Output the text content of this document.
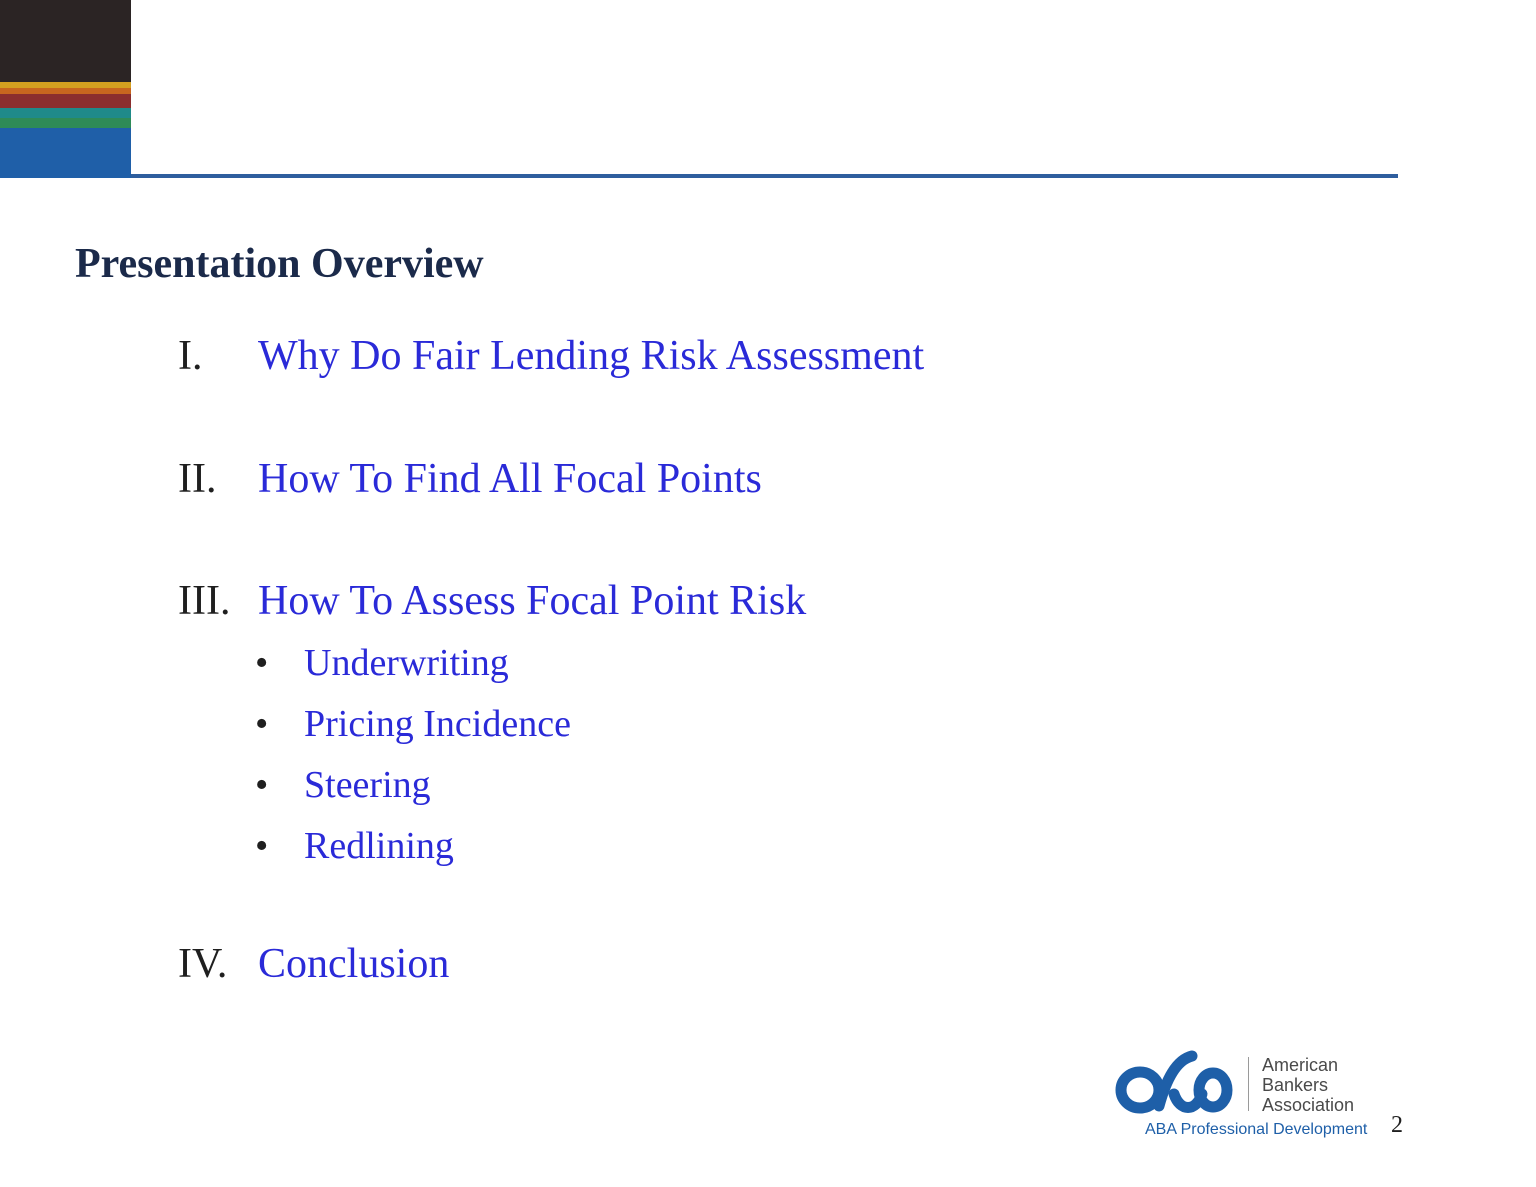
Presentation Overview
I. Why Do Fair Lending Risk Assessment
II. How To Find All Focal Points
III. How To Assess Focal Point Risk
• Underwriting
• Pricing Incidence
• Steering
• Redlining
IV. Conclusion
American
Bankers
Association
ABA Professional Development 2
